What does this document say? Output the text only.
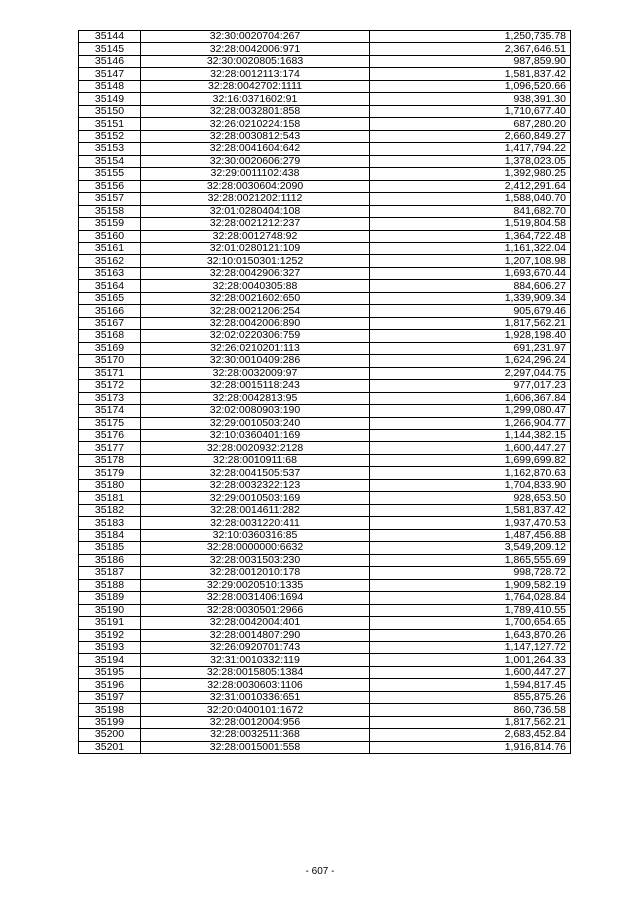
35144	32:30:0020704:267	1,250,735.78
35145	32:28:0042006:971	2,367,646.51
35146	32:30:0020805:1683	987,859.90
35147	32:28:0012113:174	1,581,837.42
35148	32:28:0042702:1111	1,096,520.66
35149	32:16:0371602:91	938,391.30
35150	32:28:0032801:858	1,710,677.40
35151	32:26:0210224:158	687,280.20
35152	32:28:0030812:543	2,660,849.27
35153	32:28:0041604:642	1,417,794.22
35154	32:30:0020606:279	1,378,023.05
35155	32:29:0011102:438	1,392,980.25
35156	32:28:0030604:2090	2,412,291.64
35157	32:28:0021202:1112	1,588,040.70
35158	32:01:0280404:108	841,682.70
35159	32:28:0021212:237	1,519,804.58
35160	32:28:0012748:92	1,364,722.48
35161	32:01:0280121:109	1,161,322.04
35162	32:10:0150301:1252	1,207,108.98
35163	32:28:0042906:327	1,693,670.44
35164	32:28:0040305:88	884,606.27
35165	32:28:0021602:650	1,339,909.34
35166	32:28:0021206:254	905,679.46
35167	32:28:0042006:890	1,817,562.21
35168	32:02:0220306:759	1,928,198.40
35169	32:26:0210201:113	691,231.97
35170	32:30:0010409:286	1,624,296.24
35171	32:28:0032009:97	2,297,044.75
35172	32:28:0015118:243	977,017.23
35173	32:28:0042813:95	1,606,367.84
35174	32:02:0080903:190	1,299,080.47
35175	32:29:0010503:240	1,266,904.77
35176	32:10:0360401:169	1,144,382.15
35177	32:28:0020932:2128	1,600,447.27
35178	32:28:0010911:68	1,699,699.82
35179	32:28:0041505:537	1,162,870.63
35180	32:28:0032322:123	1,704,833.90
35181	32:29:0010503:169	928,653.50
35182	32:28:0014611:282	1,581,837.42
35183	32:28:0031220:411	1,937,470.53
35184	32:10:0360316:85	1,487,456.88
35185	32:28:0000000:6632	3,549,209.12
35186	32:28:0031503:230	1,865,555.69
35187	32:28:0012010:178	998,728.72
35188	32:29:0020510:1335	1,909,582.19
35189	32:28:0031406:1694	1,764,028.84
35190	32:28:0030501:2966	1,789,410.55
35191	32:28:0042004:401	1,700,654.65
35192	32:28:0014807:290	1,643,870.26
35193	32:26:0920701:743	1,147,127.72
35194	32:31:0010332:119	1,001,264.33
35195	32:28:0015805:1384	1,600,447.27
35196	32:28:0030603:1106	1,594,817.45
35197	32:31:0010336:651	855,875.26
35198	32:20:0400101:1672	860,736.58
35199	32:28:0012004:956	1,817,562.21
35200	32:28:0032511:368	2,683,452.84
35201	32:28:0015001:558	1,916,814.76
- 607 -
